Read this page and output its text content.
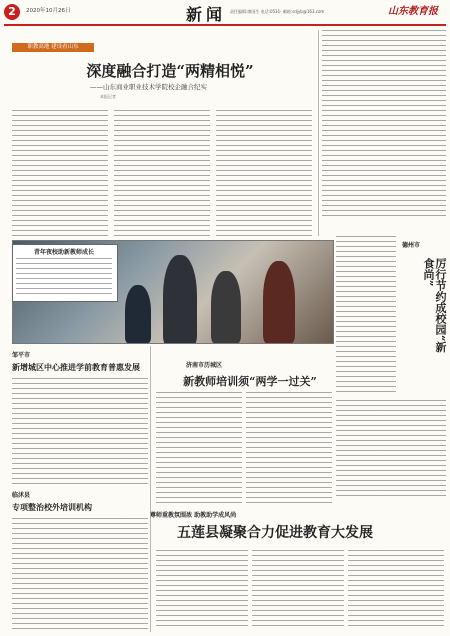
2	2020年10月26日	新闻 责任编辑:廖国生 电话:0531- 邮箱:sdjyb@163.com	山东教育报
职教高地 建设看山东
深度融合打造“两精相悦”
——山东商业职业技术学院校企融合纪实
本报记者
青年夜校助新教师成长
德州市
厉行节约成校园“新食尚”
邹平市
新增城区中心推进学前教育普惠发展
临沭县
专项整治校外培训机构
济南市历城区
新教师培训须“两学一过关”
尊师重教氛围浓 助教助学成风尚
五莲县凝聚合力促进教育大发展
